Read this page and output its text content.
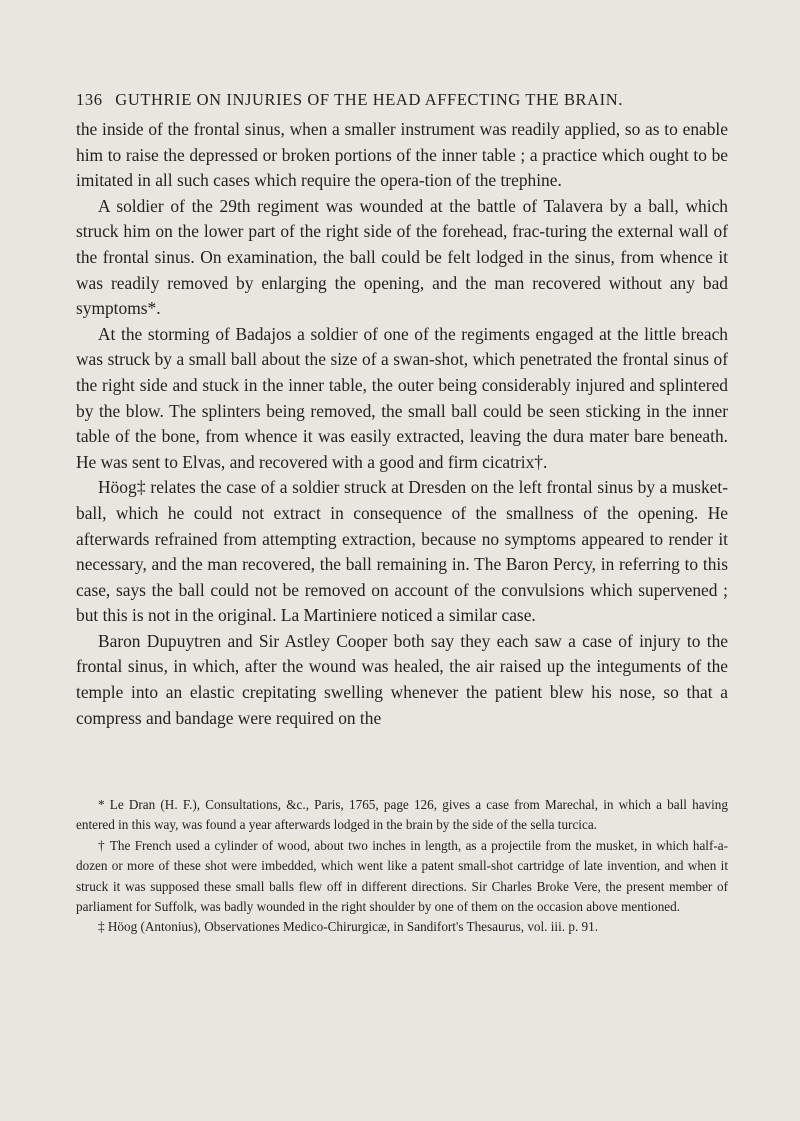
136 GUTHRIE ON INJURIES OF THE HEAD AFFECTING THE BRAIN.

the inside of the frontal sinus, when a smaller instrument was readily applied, so as to enable him to raise the depressed or broken portions of the inner table ; a practice which ought to be imitated in all such cases which require the opera-tion of the trephine.

A soldier of the 29th regiment was wounded at the battle of Talavera by a ball, which struck him on the lower part of the right side of the forehead, frac-turing the external wall of the frontal sinus. On examination, the ball could be felt lodged in the sinus, from whence it was readily removed by enlarging the opening, and the man recovered without any bad symptoms*.

At the storming of Badajos a soldier of one of the regiments engaged at the little breach was struck by a small ball about the size of a swan-shot, which penetrated the frontal sinus of the right side and stuck in the inner table, the outer being considerably injured and splintered by the blow. The splinters being removed, the small ball could be seen sticking in the inner table of the bone, from whence it was easily extracted, leaving the dura mater bare beneath. He was sent to Elvas, and recovered with a good and firm cicatrix†.

Höog‡ relates the case of a soldier struck at Dresden on the left frontal sinus by a musket-ball, which he could not extract in consequence of the smallness of the opening. He afterwards refrained from attempting extraction, because no symptoms appeared to render it necessary, and the man recovered, the ball remaining in. The Baron Percy, in referring to this case, says the ball could not be removed on account of the convulsions which supervened ; but this is not in the original. La Martiniere noticed a similar case.

Baron Dupuytren and Sir Astley Cooper both say they each saw a case of injury to the frontal sinus, in which, after the wound was healed, the air raised up the integuments of the temple into an elastic crepitating swelling whenever the patient blew his nose, so that a compress and bandage were required on the

* Le Dran (H. F.), Consultations, &c., Paris, 1765, page 126, gives a case from Marechal, in which a ball having entered in this way, was found a year afterwards lodged in the brain by the side of the sella turcica.

† The French used a cylinder of wood, about two inches in length, as a projectile from the musket, in which half-a-dozen or more of these shot were imbedded, which went like a patent small-shot cartridge of late invention, and when it struck it was supposed these small balls flew off in different directions. Sir Charles Broke Vere, the present member of parliament for Suffolk, was badly wounded in the right shoulder by one of them on the occasion above mentioned.

‡ Höog (Antonius), Observationes Medico-Chirurgicæ, in Sandifort's Thesaurus, vol. iii. p. 91.
